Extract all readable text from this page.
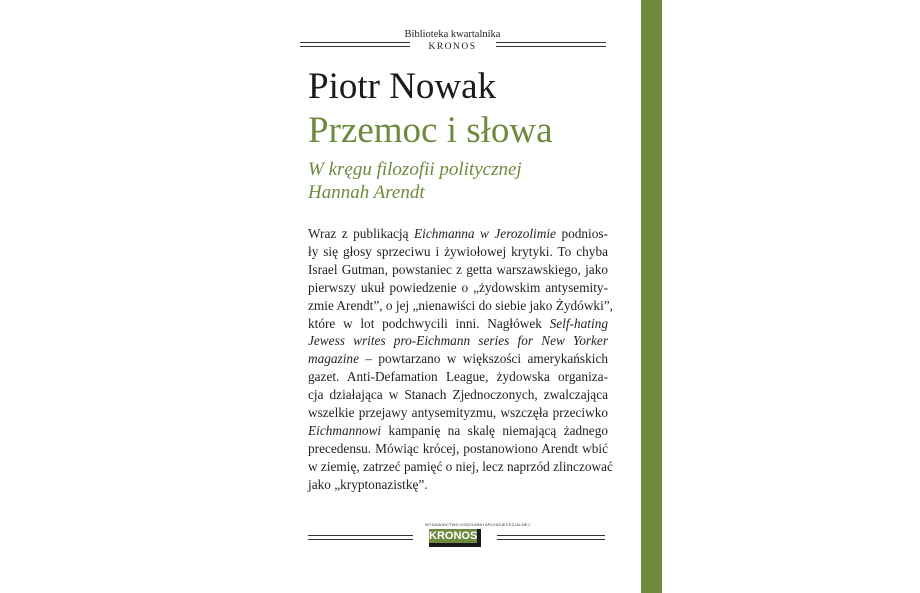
Biblioteka kwartalnika
KRONOS
Piotr Nowak
Przemoc i słowa
W kręgu filozofii politycznej
Hannah Arendt
Wraz z publikacją Eichmanna w Jerozolimie podnios-
ły się głosy sprzeciwu i żywiołowej krytyki. To chyba
Israel Gutman, powstaniec z getta warszawskiego, jako
pierwszy ukuł powiedzenie o „żydowskim antysemity-
zmie Arendt”, o jej „nienawiści do siebie jako Żydówki”,
które w lot podchwycili inni. Nagłówek Self-hating
Jewess writes pro-Eichmann series for New Yorker
magazine – powtarzano w większości amerykańskich
gazet. Anti-Defamation League, żydowska organiza-
cja działająca w Stanach Zjednoczonych, zwalczająca
wszelkie przejawy antysemityzmu, wszczęła przeciwko
Eichmannowi kampanię na skalę niemającą żadnego
precedensu. Mówiąc krócej, postanowiono Arendt wbić
w ziemię, zatrzeć pamięć o niej, lecz naprzód zlinczować
jako „kryptonazistkę”.
WYDAWNICTWO KSIĘGARNI ARCHIDIECEZJALNEJ
KRONOS
